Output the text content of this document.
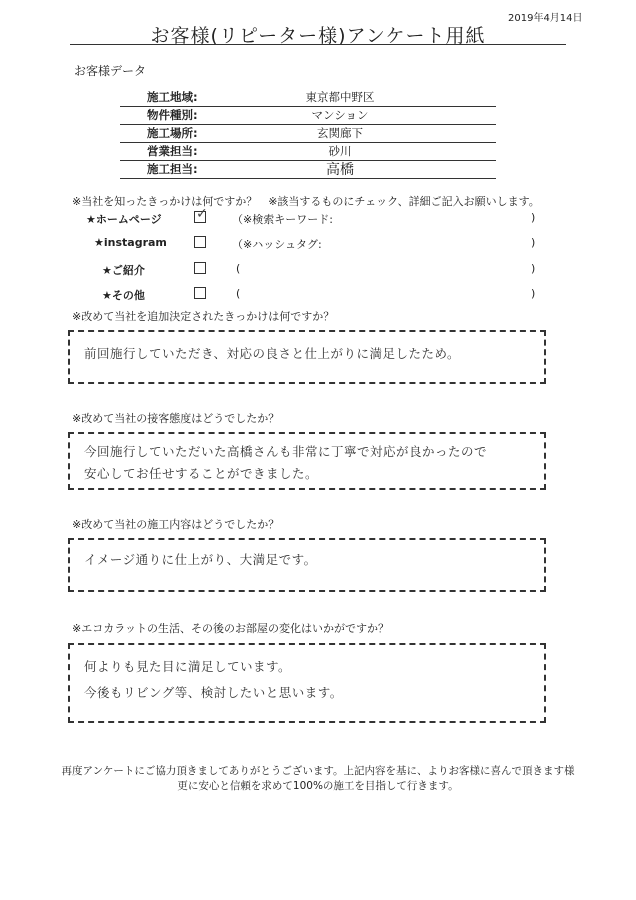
2019年4月14日
お客様(リピーター様)アンケート用紙
お客様データ
施工地域:	東京都中野区
物件種別:	マンション
施工場所:	玄関廊下
営業担当:	砂川
施工担当:	高橋
※当社を知ったきっかけは何ですか？　※該当するものにチェック、詳細ご記入お願いします。
★ホームページ ✓ （※検索キーワード:	)
★instagram	（※ハッシュタグ:	)
★ご紹介	(	)
★その他	(	)
※改めて当社を追加決定されたきっかけは何ですか？
前回施行していただき、対応の良さと仕上がりに満足したため。
※改めて当社の接客態度はどうでしたか？
今回施行していただいた高橋さんも非常に丁寧で対応が良かったので
安心してお任せすることができました。
※改めて当社の施工内容はどうでしたか？
イメージ通りに仕上がり、大満足です。
※エコカラットの生活、その後のお部屋の変化はいかがですか？
何よりも見た目に満足しています。
今後もリビング等、検討したいと思います。
再度アンケートにご協力頂きましてありがとうございます。上記内容を基に、よりお客様に喜んで頂きます様
更に安心と信頼を求めて100%の施工を目指して行きます。
